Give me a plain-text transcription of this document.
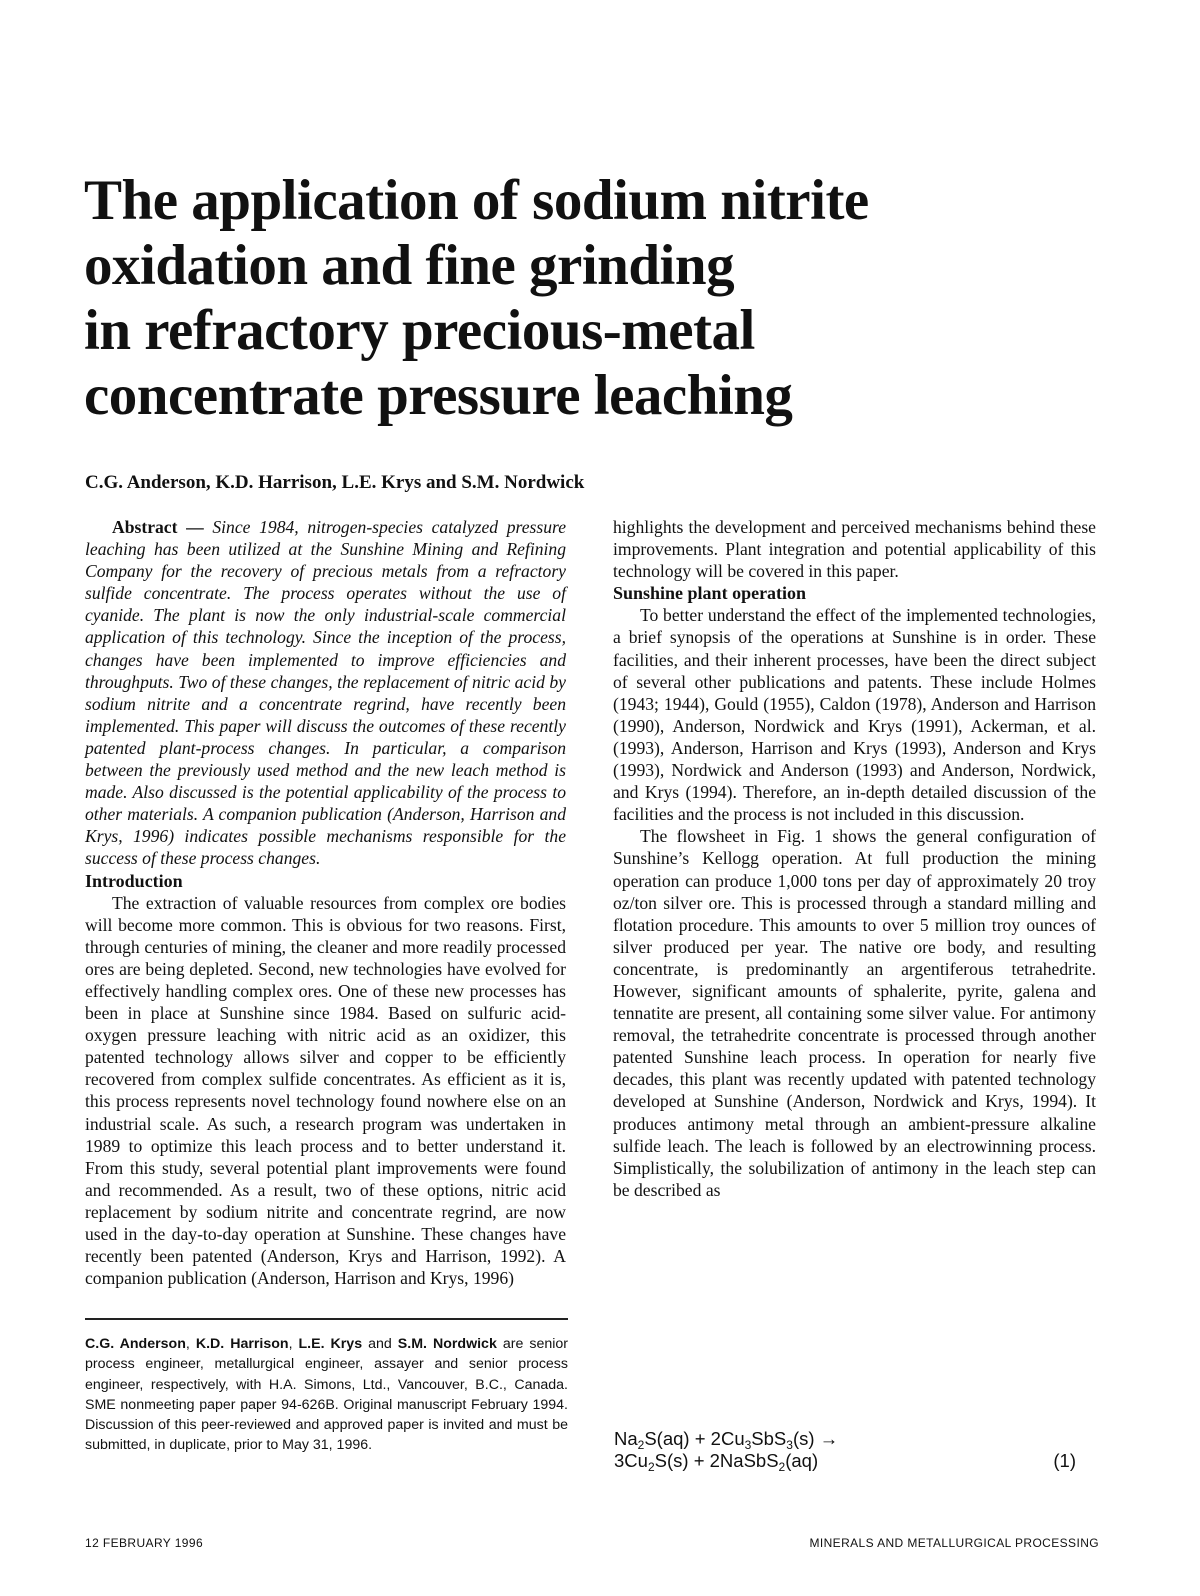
The application of sodium nitrite
oxidation and fine grinding
in refractory precious-metal
concentrate pressure leaching
C.G. Anderson, K.D. Harrison, L.E. Krys and S.M. Nordwick

Abstract — Since 1984, nitrogen-species catalyzed pressure leaching has been utilized at the Sunshine Mining and Refining Company for the recovery of precious metals from a refractory sulfide concentrate. The process operates without the use of cyanide. The plant is now the only industrial-scale commercial application of this technology. Since the inception of the process, changes have been implemented to improve efficiencies and throughputs. Two of these changes, the replacement of nitric acid by sodium nitrite and a concentrate regrind, have recently been implemented. This paper will discuss the outcomes of these recently patented plant-process changes. In particular, a comparison between the previously used method and the new leach method is made. Also discussed is the potential applicability of the process to other materials. A companion publication (Anderson, Harrison and Krys, 1996) indicates possible mechanisms responsible for the success of these process changes.

Introduction

The extraction of valuable resources from complex ore bodies will become more common. This is obvious for two reasons. First, through centuries of mining, the cleaner and more readily processed ores are being depleted. Second, new technologies have evolved for effectively handling complex ores. One of these new processes has been in place at Sunshine since 1984. Based on sulfuric acid-oxygen pressure leaching with nitric acid as an oxidizer, this patented technology allows silver and copper to be efficiently recovered from complex sulfide concentrates. As efficient as it is, this process represents novel technology found nowhere else on an industrial scale. As such, a research program was undertaken in 1989 to optimize this leach process and to better understand it. From this study, several potential plant improvements were found and recommended. As a result, two of these options, nitric acid replacement by sodium nitrite and concentrate regrind, are now used in the day-to-day operation at Sunshine. These changes have recently been patented (Anderson, Krys and Harrison, 1992). A companion publication (Anderson, Harrison and Krys, 1996)

highlights the development and perceived mechanisms behind these improvements. Plant integration and potential applicability of this technology will be covered in this paper.

Sunshine plant operation

To better understand the effect of the implemented technologies, a brief synopsis of the operations at Sunshine is in order. These facilities, and their inherent processes, have been the direct subject of several other publications and patents. These include Holmes (1943; 1944), Gould (1955), Caldon (1978), Anderson and Harrison (1990), Anderson, Nordwick and Krys (1991), Ackerman, et al. (1993), Anderson, Harrison and Krys (1993), Anderson and Krys (1993), Nordwick and Anderson (1993) and Anderson, Nordwick, and Krys (1994). Therefore, an in-depth detailed discussion of the facilities and the process is not included in this discussion.

The flowsheet in Fig. 1 shows the general configuration of Sunshine’s Kellogg operation. At full production the mining operation can produce 1,000 tons per day of approximately 20 troy oz/ton silver ore. This is processed through a standard milling and flotation procedure. This amounts to over 5 million troy ounces of silver produced per year. The native ore body, and resulting concentrate, is predominantly an argentiferous tetrahedrite. However, significant amounts of sphalerite, pyrite, galena and tennatite are present, all containing some silver value. For antimony removal, the tetrahedrite concentrate is processed through another patented Sunshine leach process. In operation for nearly five decades, this plant was recently updated with patented technology developed at Sunshine (Anderson, Nordwick and Krys, 1994). It produces antimony metal through an ambient-pressure alkaline sulfide leach. The leach is followed by an electrowinning process. Simplistically, the solubilization of antimony in the leach step can be described as

C.G. Anderson, K.D. Harrison, L.E. Krys and S.M. Nordwick are senior process engineer, metallurgical engineer, assayer and senior process engineer, respectively, with H.A. Simons, Ltd., Vancouver, B.C., Canada. SME nonmeeting paper paper 94-626B. Original manuscript February 1994. Discussion of this peer-reviewed and approved paper is invited and must be submitted, in duplicate, prior to May 31, 1996.	$Na_2S(aq) + 2Cu_3SbS_3(s)$ →
$3Cu_2S(s)$ + 2NaSbS$_2$(aq)	(1)
12 FEBRUARY 1996	MINERALS AND METALLURGICAL PROCESSING
